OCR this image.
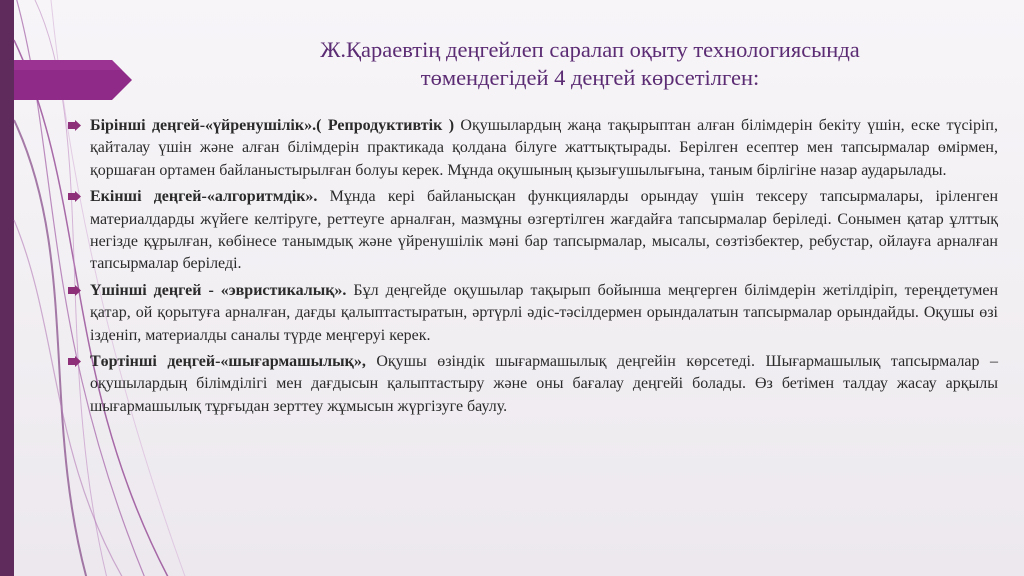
Ж.Қараевтің деңгейлеп саралап оқыту технологиясында
төмендегідей 4 деңгей көрсетілген:
Бірінші деңгей-«үйренушілік».( Репродуктивтік ) Оқушылардың жаңа тақырыптан алған білімдерін бекіту үшін, еске түсіріп, қайталау үшін және алған білімдерін практикада қолдана білуге жаттықтырады. Берілген есептер мен тапсырмалар өмірмен, қоршаған ортамен байланыстырылған болуы керек. Мұнда оқушының қызығушылығына, таным бірлігіне назар аударылады.
Екінші деңгей-«алгоритмдік». Мұнда кері байланысқан функцияларды орындау үшін тексеру тапсырмалары, іріленген материалдарды жүйеге келтіруге, реттеуге арналған, мазмұны өзгертілген жағдайға тапсырмалар беріледі. Сонымен қатар ұлттық негізде құрылған, көбінесе танымдық және үйренушілік мәні бар тапсырмалар, мысалы, сөзтізбектер, ребустар, ойлауға арналған тапсырмалар беріледі.
Үшінші деңгей - «эвристикалық». Бұл деңгейде оқушылар тақырып бойынша меңгерген білімдерін жетілдіріп, тереңдетумен қатар, ой қорытуға арналған, дағды қалыптастыратын, әртүрлі әдіс-тәсілдермен орындалатын тапсырмалар орындайды. Оқушы өзі ізденіп, материалды саналы түрде меңгеруі керек.
Төртінші деңгей-«шығармашылық», Оқушы өзіндік шығармашылық деңгейін көрсетеді. Шығармашылық тапсырмалар – оқушылардың білімділігі мен дағдысын қалыптастыру және оны бағалау деңгейі болады. Өз бетімен талдау жасау арқылы шығармашылық тұрғыдан зерттеу жұмысын жүргізуге баулу.
